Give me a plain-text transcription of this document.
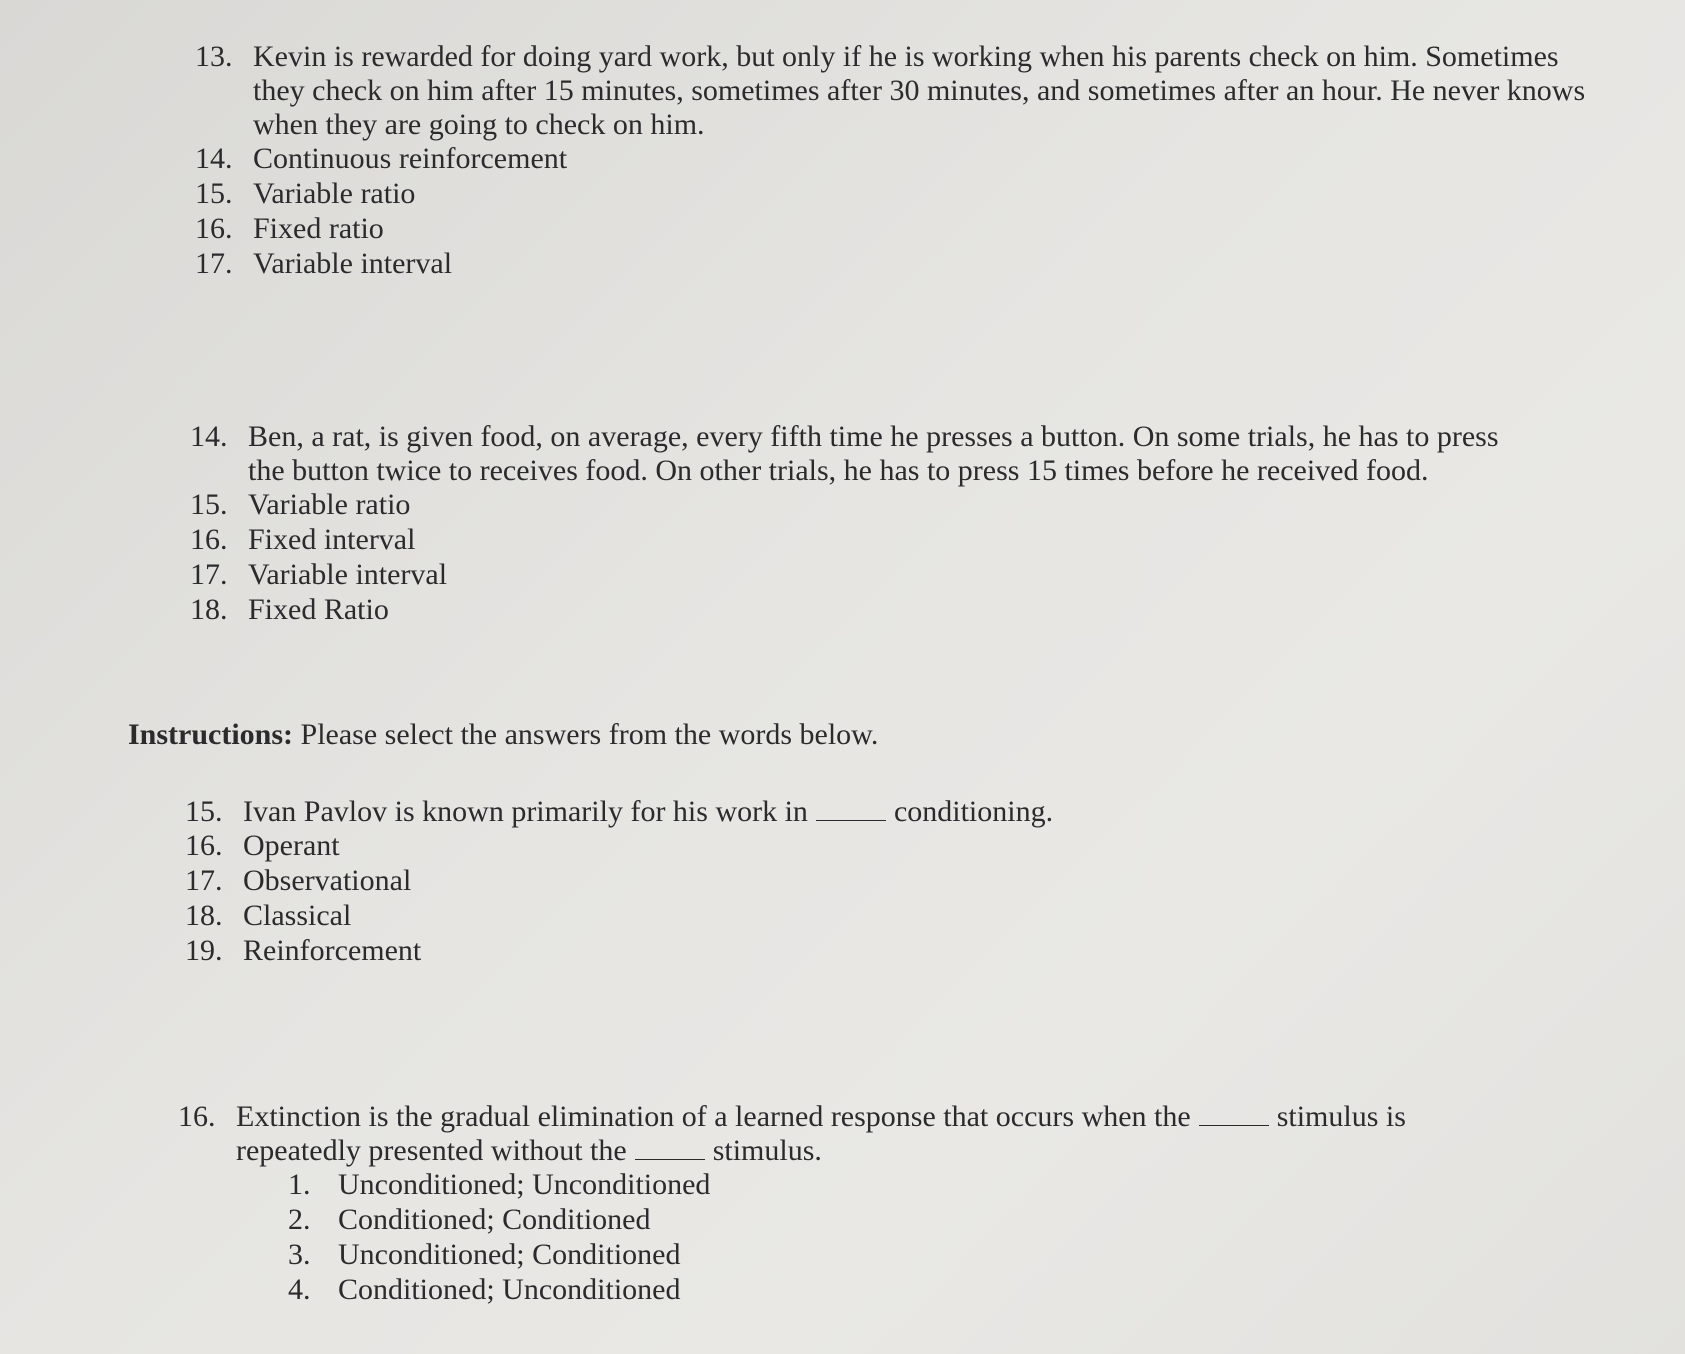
13. Kevin is rewarded for doing yard work, but only if he is working when his parents check on him. Sometimes they check on him after 15 minutes, sometimes after 30 minutes, and sometimes after an hour. He never knows when they are going to check on him.
14. Continuous reinforcement
15. Variable ratio
16. Fixed ratio
17. Variable interval
14. Ben, a rat, is given food, on average, every fifth time he presses a button. On some trials, he has to press the button twice to receives food. On other trials, he has to press 15 times before he received food.
15. Variable ratio
16. Fixed interval
17. Variable interval
18. Fixed Ratio
Instructions: Please select the answers from the words below.
15. Ivan Pavlov is known primarily for his work in	conditioning.
16. Operant
17. Observational
18. Classical
19. Reinforcement
16. Extinction is the gradual elimination of a learned response that occurs when the	stimulus is repeatedly presented without the	stimulus.
1. Unconditioned; Unconditioned
2. Conditioned; Conditioned
3. Unconditioned; Conditioned
4. Conditioned; Unconditioned
